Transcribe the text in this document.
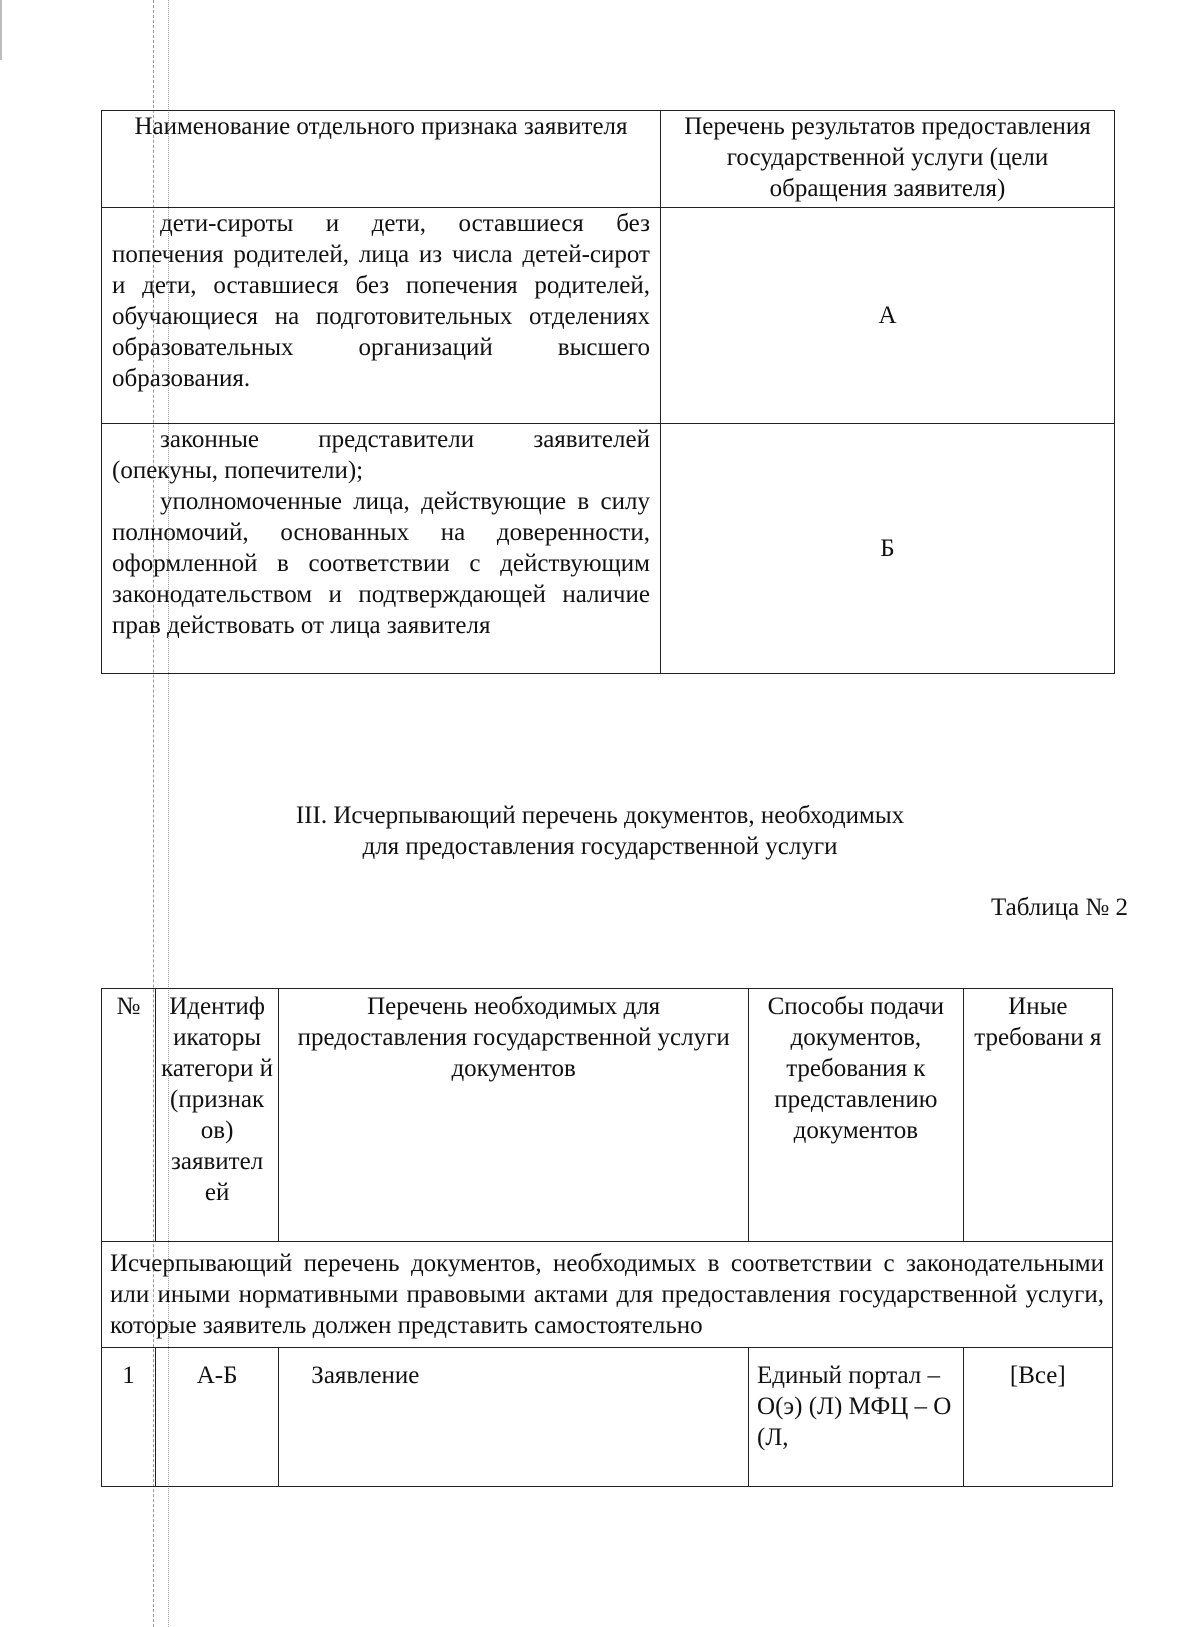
Наименование отдельного признака заявителя	Перечень результатов предоставления государственной услуги (цели обращения заявителя)

дети-сироты и дети, оставшиеся без попечения родителей, лица из числа детей-сирот и дети, оставшиеся без попечения родителей, обучающиеся на подготовительных отделениях образовательных организаций высшего образования.	А

законные представители заявителей (опекуны, попечители);

уполномоченные лица, действующие в силу полномочий, основанных на доверенности, оформленной в соответствии с действующим законодательством и подтверждающей наличие прав действовать от лица заявителя	Б
III. Исчерпывающий перечень документов, необходимых
для предоставления государственной услуги
Таблица № 2
№	Идентиф икаторы категори й (признак ов) заявител ей	Перечень необходимых для предоставления государственной услуги документов	Способы подачи документов, требования к представлению документов	Иные требовани я
Исчерпывающий перечень документов, необходимых в соответствии с законодательными или иными нормативными правовыми актами для предоставления государственной услуги, которые заявитель должен представить самостоятельно				
1	А-Б	Заявление	Единый портал – О(э) (Л) МФЦ – О (Л,	[Все]
